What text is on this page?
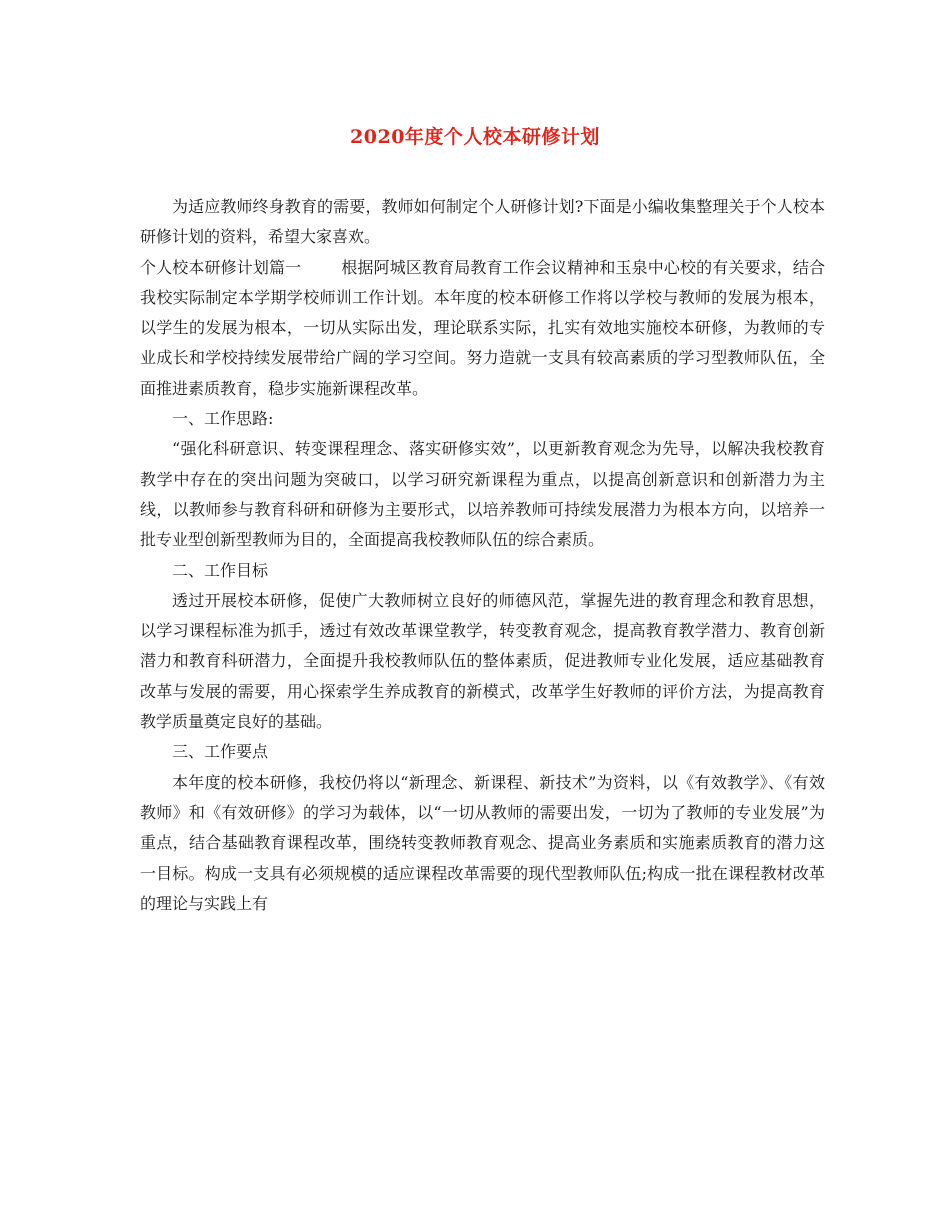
2020年度个人校本研修计划

为适应教师终身教育的需要，教师如何制定个人研修计划?下面是小编收集整理关于个人校本研修计划的资料，希望大家喜欢。

个人校本研修计划篇一	根据阿城区教育局教育工作会议精神和玉泉中心校的有关要求，结合我校实际制定本学期学校师训工作计划。本年度的校本研修工作将以学校与教师的发展为根本，以学生的发展为根本，一切从实际出发，理论联系实际，扎实有效地实施校本研修，为教师的专业成长和学校持续发展带给广阔的学习空间。努力造就一支具有较高素质的学习型教师队伍，全面推进素质教育，稳步实施新课程改革。

一、工作思路:

“强化科研意识、转变课程理念、落实研修实效”，以更新教育观念为先导，以解决我校教育教学中存在的突出问题为突破口，以学习研究新课程为重点，以提高创新意识和创新潜力为主线，以教师参与教育科研和研修为主要形式，以培养教师可持续发展潜力为根本方向，以培养一批专业型创新型教师为目的，全面提高我校教师队伍的综合素质。

二、工作目标

透过开展校本研修，促使广大教师树立良好的师德风范，掌握先进的教育理念和教育思想，以学习课程标准为抓手，透过有效改革课堂教学，转变教育观念，提高教育教学潜力、教育创新潜力和教育科研潜力，全面提升我校教师队伍的整体素质，促进教师专业化发展，适应基础教育改革与发展的需要，用心探索学生养成教育的新模式，改革学生好教师的评价方法，为提高教育教学质量奠定良好的基础。

三、工作要点

本年度的校本研修，我校仍将以“新理念、新课程、新技术”为资料，以《有效教学》、《有效教师》和《有效研修》的学习为载体，以“一切从教师的需要出发，一切为了教师的专业发展”为重点，结合基础教育课程改革，围绕转变教师教育观念、提高业务素质和实施素质教育的潜力这一目标。构成一支具有必须规模的适应课程改革需要的现代型教师队伍;构成一批在课程教材改革的理论与实践上有
